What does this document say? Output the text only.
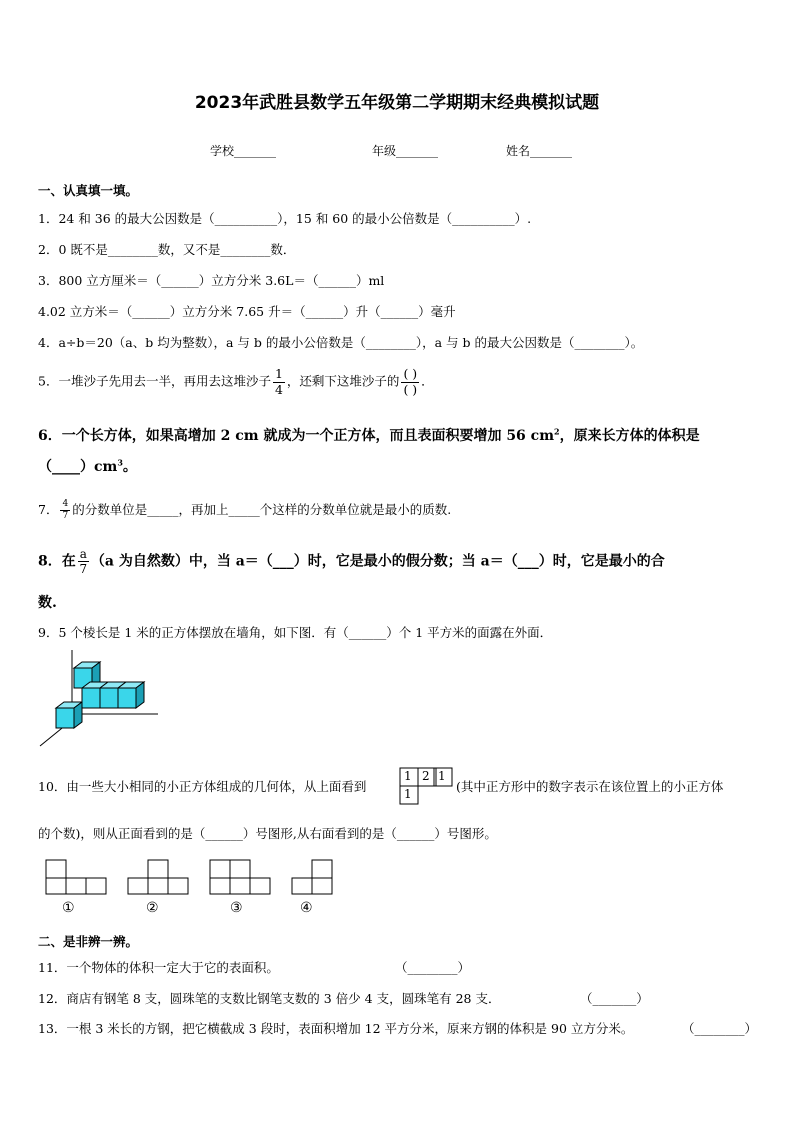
2023年武胜县数学五年级第二学期期末经典模拟试题
学校_______	年级_______	姓名_______
一、认真填一填。
1．24 和 36 的最大公因数是（__________），15 和 60 的最小公倍数是（__________）.
2．0 既不是________数，又不是________数．
3．800 立方厘米＝（______）立方分米 3.6L＝（______）ml
4.02 立方米＝（______）立方分米 7.65 升＝（______）升（______）毫升
4．a÷b＝20（a、b 均为整数），a 与 b 的最小公倍数是（________），a 与 b 的最大公因数是（________）。
5．一堆沙子先用去一半，再用去这堆沙子 $\frac{1}{4}$ ，还剩下这堆沙子的 $\frac{( )}{( )}$ ．
6．一个长方体，如果高增加 2 cm 就成为一个正方体，而且表面积要增加 56 $cm^2$，原来长方体的体积是
$(\_\_\_\_)cm^3$。
7． $\frac{4}{7}$ 的分数单位是_____，再加上_____个这样的分数单位就是最小的质数.
8．在 $\frac{a}{7} (a$ 为自然数）中，当 a＝（___）时，它是最小的假分数；当 a＝（___）时，它是最小的合
数.
9．5 个棱长是 1 米的正方体摆放在墙角，如下图．有（______）个 1 平方米的面露在外面．
10．由一些大小相同的小正方体组成的几何体，从上面看到
1 2 1
1	(其中正方形中的数字表示在该位置上的小正方体
的个数)，则从正面看到的是（______）号图形,从右面看到的是（______）号图形。
①	②	③	④
二、是非辨一辨。
11．一个物体的体积一定大于它的表面积。	（________）
12．商店有钢笔 8 支，圆珠笔的支数比钢笔支数的 3 倍少 4 支，圆珠笔有 28 支．	（_______）
13．一根 3 米长的方钢，把它横截成 3 段时，表面积增加 12 平方分米，原来方钢的体积是 90 立方分米。	（________）
